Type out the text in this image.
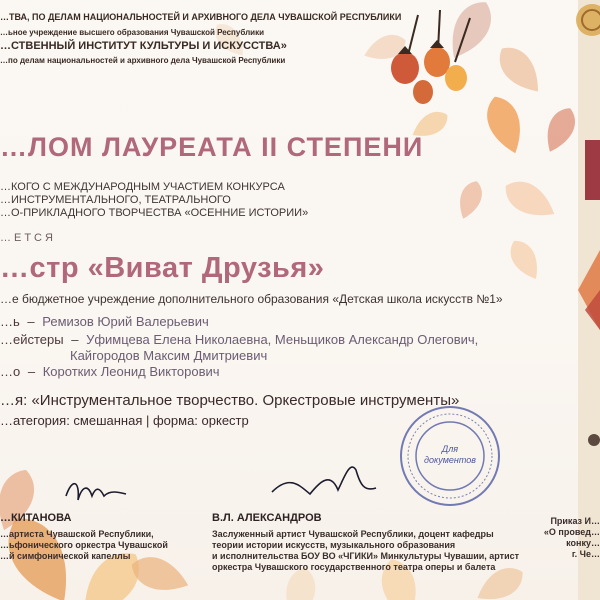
…ТВА, ПО ДЕЛАМ НАЦИОНАЛЬНОСТЕЙ И АРХИВНОГО ДЕЛА ЧУВАШСКОЙ РЕСПУБЛИКИ
…ьное учреждение высшего образования Чувашской Республики
…СТВЕННЫЙ ИНСТИТУТ КУЛЬТУРЫ И ИСКУССТВА»
…по делам национальностей и архивного дела Чувашской Республики
…ЛОМ ЛАУРЕАТА II СТЕПЕНИ
…КОГО С МЕЖДУНАРОДНЫМ УЧАСТИЕМ КОНКУРСА
…ИНСТРУМЕНТАЛЬНОГО, ТЕАТРАЛЬНОГО
…О-ПРИКЛАДНОГО ТВОРЧЕСТВА «ОСЕННИЕ ИСТОРИИ»
…ЕТСЯ
…стр «Виват Друзья»
…е бюджетное учреждение дополнительного образования «Детская школа искусств №1»
…ь – Ремизов Юрий Валерьевич
…ейстеры – Уфимцева Елена Николаевна, Меньщиков Александр Олегович,
Кайгородов Максим Дмитриевич
…о – Коротких Леонид Викторович
…я: «Инструментальное творчество. Оркестровые инструменты»
…атегория: смешанная | форма: оркестр
Для документов
…КИТАНОВА
…артиста Чувашской Республики,
…ьфонического оркестра Чувашской
…й симфонической капеллы
В.Л. АЛЕКСАНДРОВ
Заслуженный артист Чувашской Республики, доцент кафедры
теории истории искусств, музыкального образования
и исполнительства БОУ ВО «ЧГИКИ» Минкультуры Чувашии, артист
оркестра Чувашского государственного театра оперы и балета
Приказ И…
«О провед…
конку…
г. Че…
